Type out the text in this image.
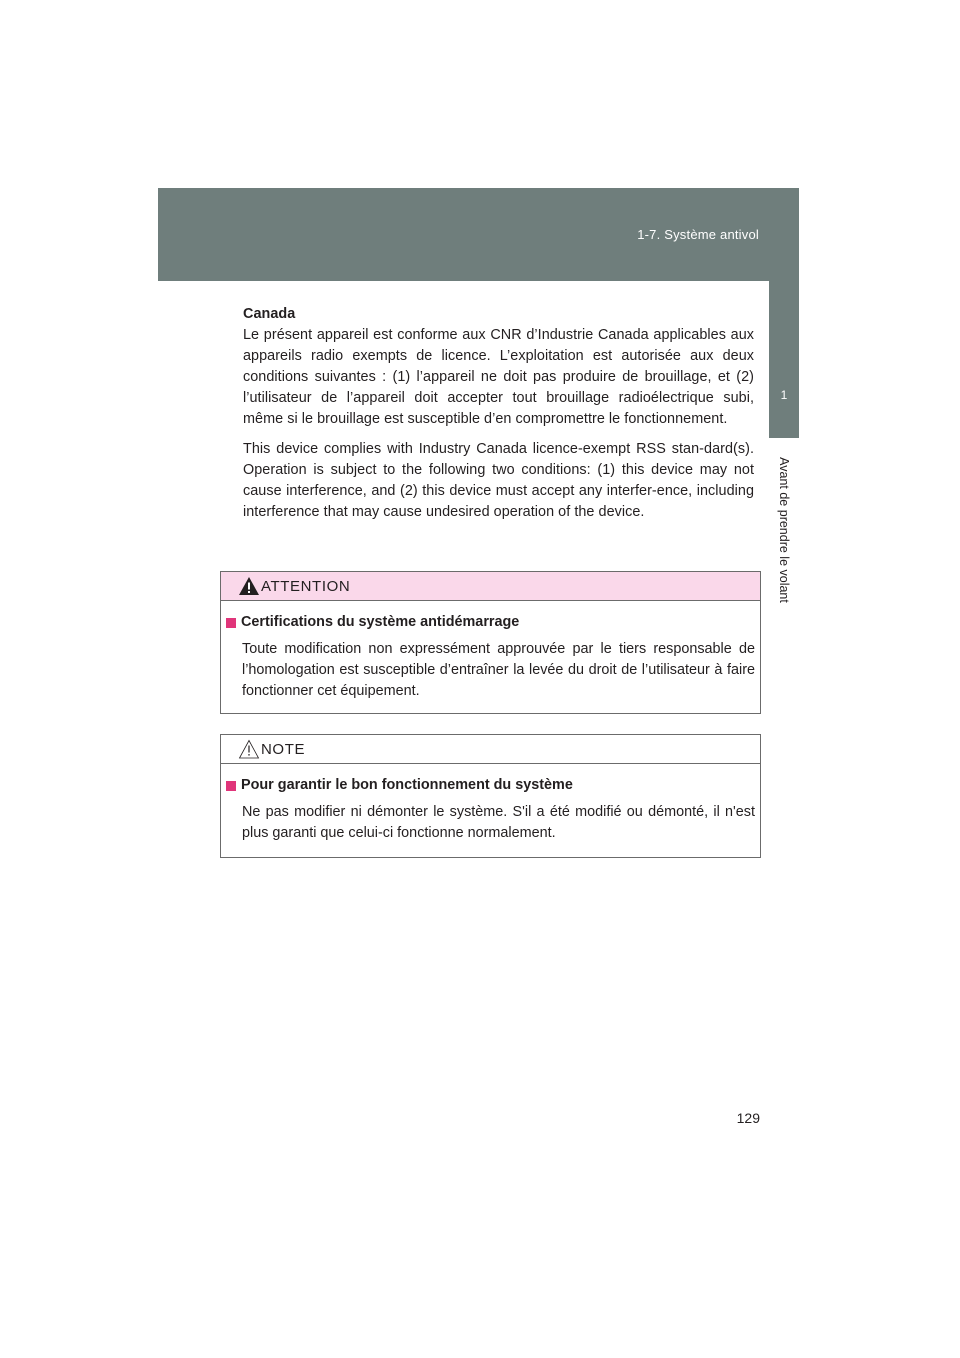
1-7. Système antivol
1
Avant de prendre le volant

Canada
Le présent appareil est conforme aux CNR d’Industrie Canada applicables aux appareils radio exempts de licence. L’exploitation est autorisée aux deux conditions suivantes : (1) l’appareil ne doit pas produire de brouillage, et (2) l’utilisateur de l’appareil doit accepter tout brouillage radioélectrique subi, même si le brouillage est susceptible d’en compromettre le fonctionnement.

This device complies with Industry Canada licence-exempt RSS stan-dard(s). Operation is subject to the following two conditions: (1) this device may not cause interference, and (2) this device must accept any interfer-ence, including interference that may cause undesired operation of the device.

ATTENTION
Certifications du système antidémarrage

Toute modification non expressément approuvée par le tiers responsable de l’homologation est susceptible d’entraîner la levée du droit de l’utilisateur à faire fonctionner cet équipement.

NOTE
Pour garantir le bon fonctionnement du système

Ne pas modifier ni démonter le système. S'il a été modifié ou démonté, il n'est plus garanti que celui-ci fonctionne normalement.

129
